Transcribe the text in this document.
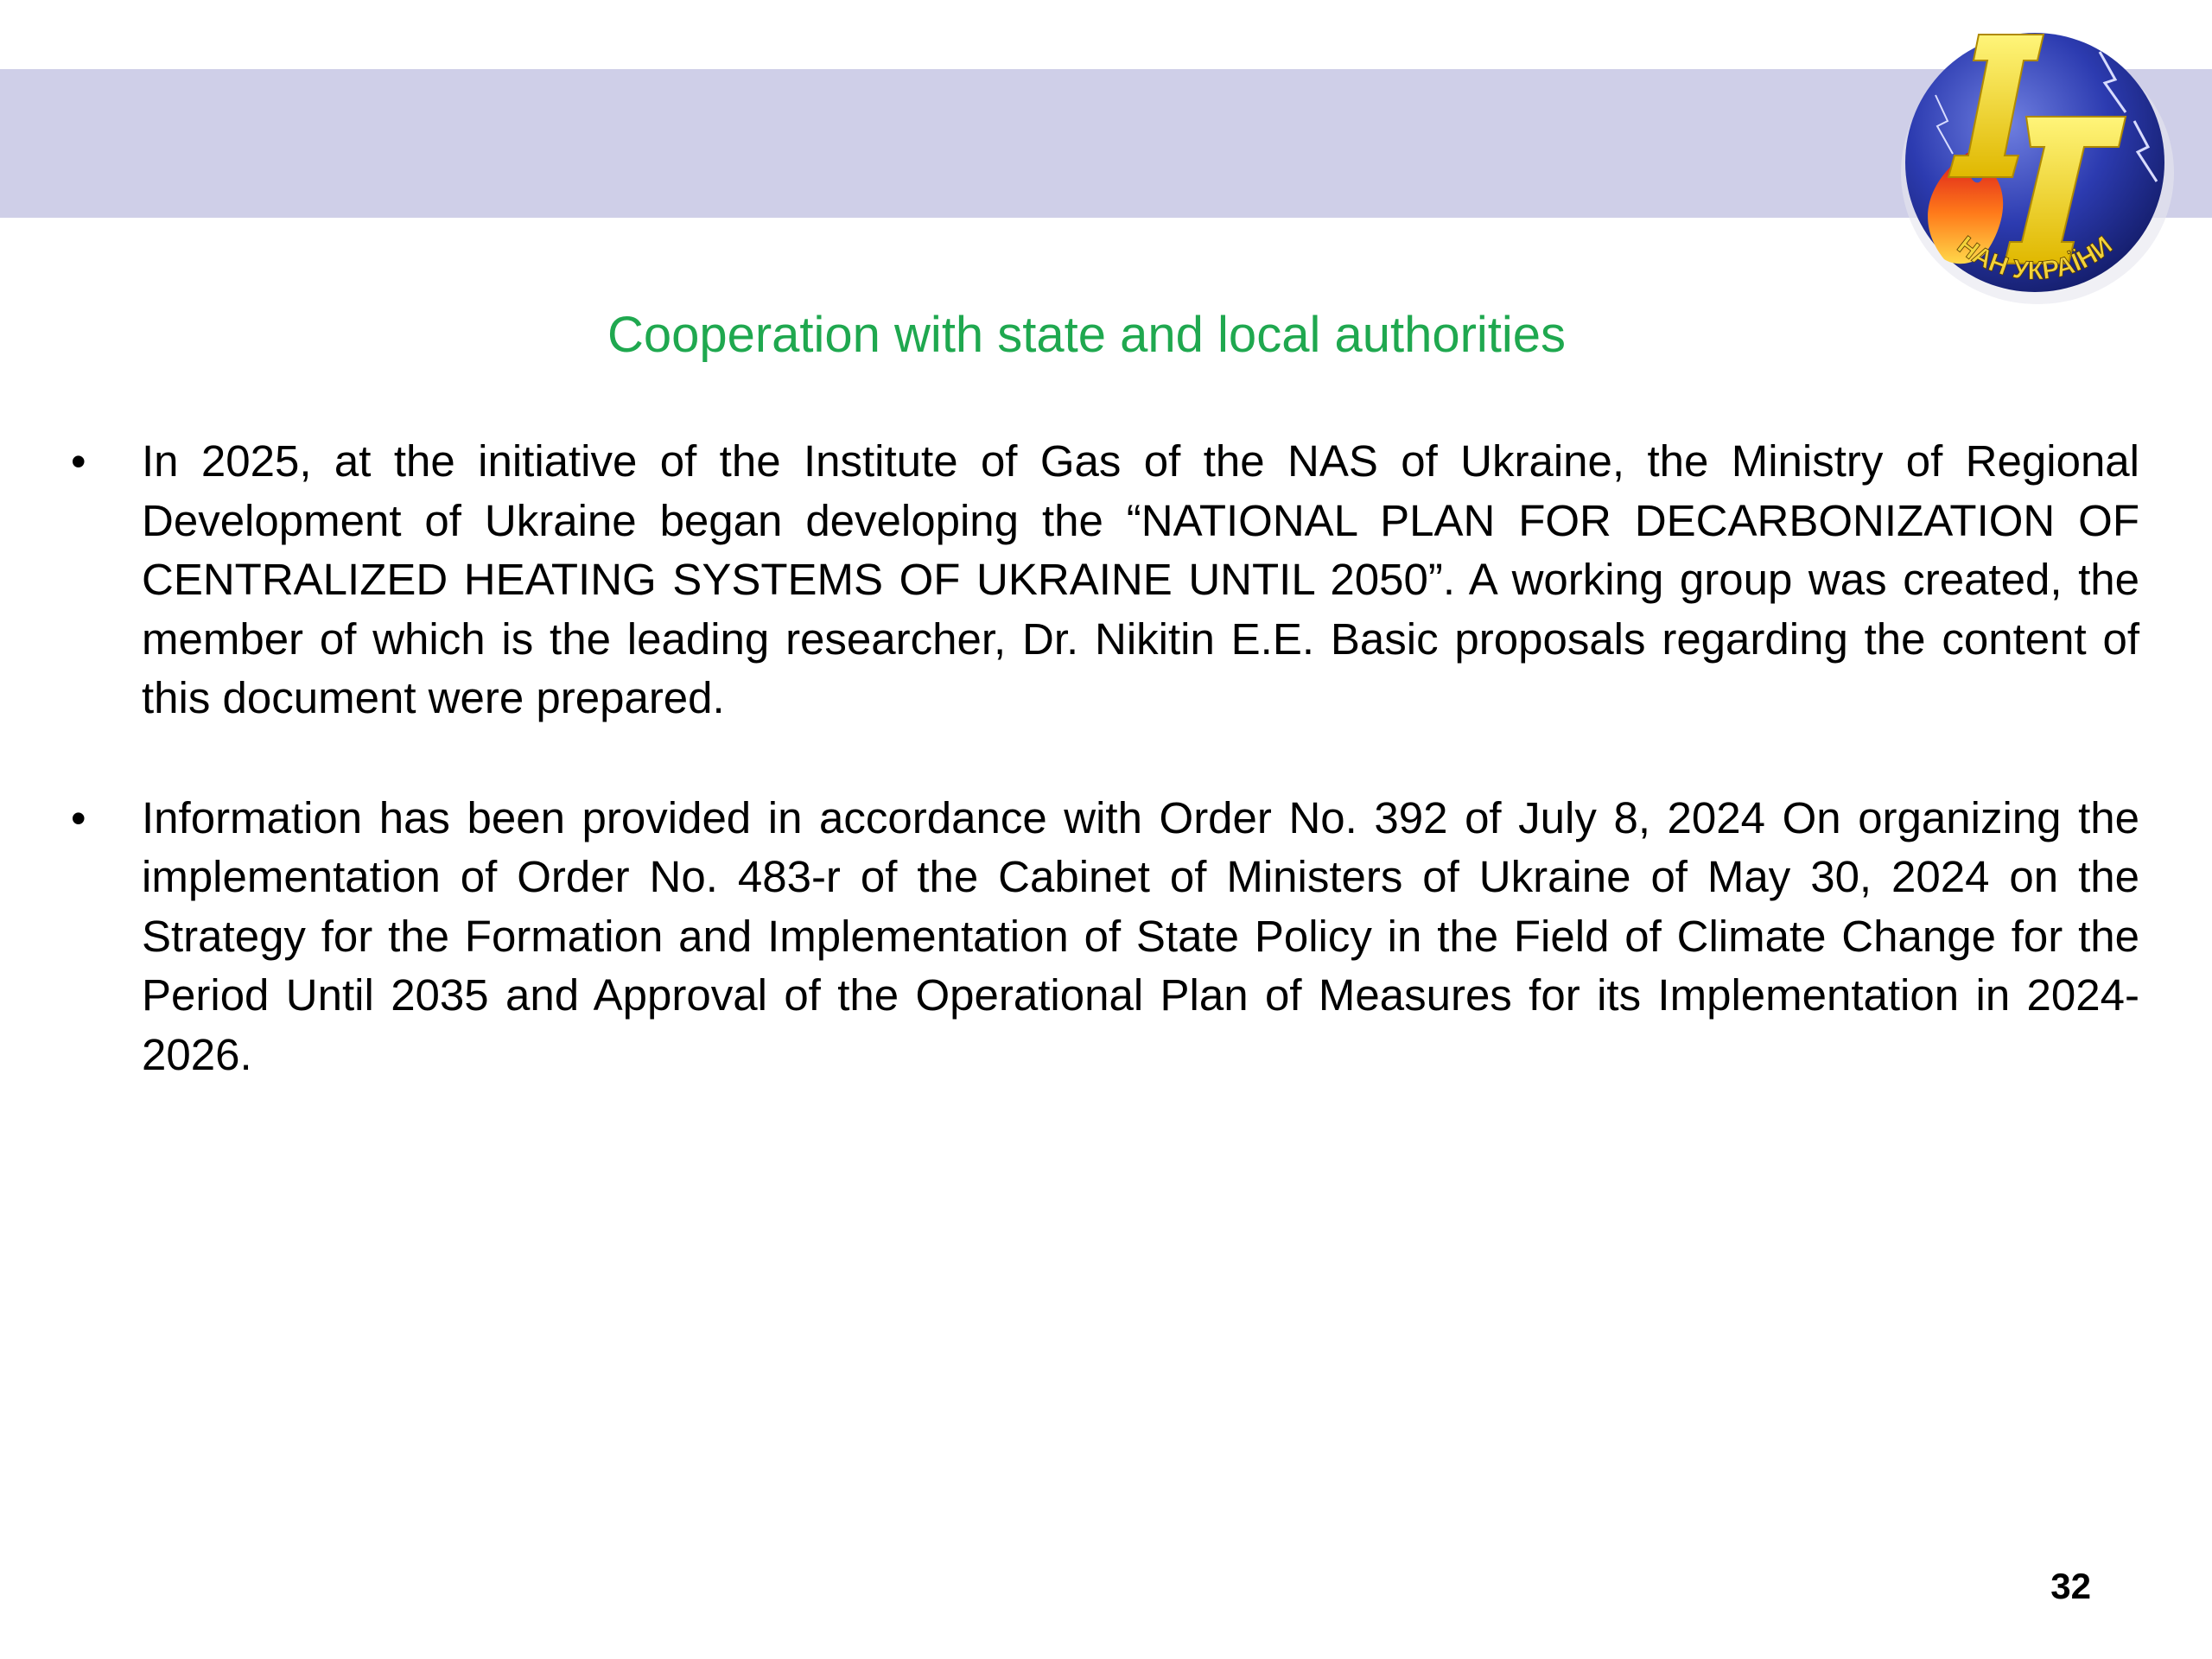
НАН УКРАЇНИ
Cooperation with state and local authorities
• In 2025, at the initiative of the Institute of Gas of the NAS of Ukraine, the Ministry of Regional Development of Ukraine began developing the “NATIONAL PLAN FOR DECARBONIZATION OF CENTRALIZED HEATING SYSTEMS OF UKRAINE UNTIL 2050”. A working group was created, the member of which is the leading researcher, Dr. Nikitin E.E. Basic proposals regarding the content of this document were prepared.
• Information has been provided in accordance with Order No. 392 of July 8, 2024 On organizing the implementation of Order No. 483-r of the Cabinet of Ministers of Ukraine of May 30, 2024 on the Strategy for the Formation and Implementation of State Policy in the Field of Climate Change for the Period Until 2035 and Approval of the Operational Plan of Measures for its Implementation in 2024-2026.
32
